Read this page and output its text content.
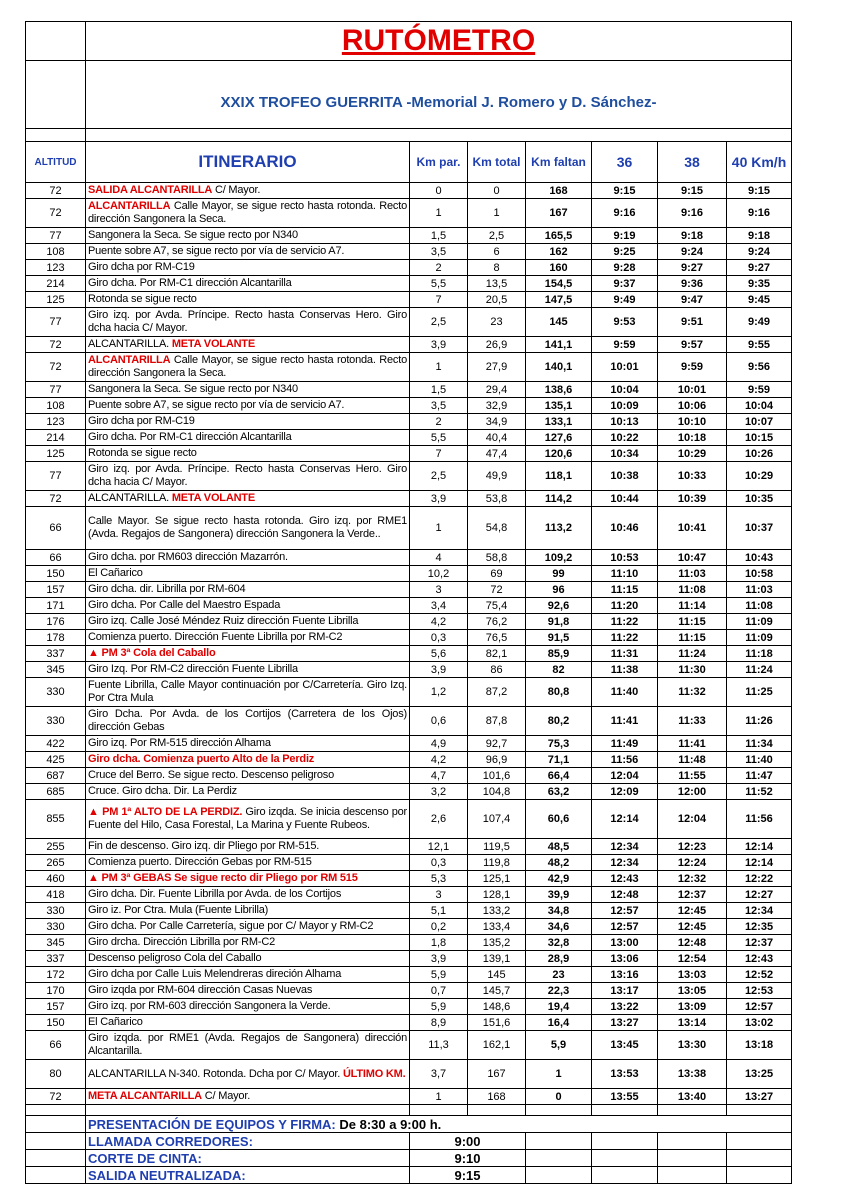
	RUTÓMETRO						
	XXIX TROFEO GUERRITA -Memorial J. Romero y D. Sánchez-						

ALTITUD	ITINERARIO	Km par.	Km total	Km faltan	36	38	40 Km/h
72	SALIDA ALCANTARILLA C/ Mayor.	0	0	168	9:15	9:15	9:15
72	ALCANTARILLA Calle Mayor, se sigue recto hasta rotonda. Recto dirección Sangonera la Seca.	1	1	167	9:16	9:16	9:16
77	Sangonera la Seca. Se sigue recto por N340	1,5	2,5	165,5	9:19	9:18	9:18
108	Puente sobre A7, se sigue recto por vía de servicio A7.	3,5	6	162	9:25	9:24	9:24
123	Giro dcha por RM-C19	2	8	160	9:28	9:27	9:27
214	Giro dcha. Por RM-C1 dirección Alcantarilla	5,5	13,5	154,5	9:37	9:36	9:35
125	Rotonda se sigue recto	7	20,5	147,5	9:49	9:47	9:45
77	Giro izq. por Avda. Príncipe. Recto hasta Conservas Hero. Giro dcha hacia C/ Mayor.	2,5	23	145	9:53	9:51	9:49
72	ALCANTARILLA. META VOLANTE	3,9	26,9	141,1	9:59	9:57	9:55
72	ALCANTARILLA Calle Mayor, se sigue recto hasta rotonda. Recto dirección Sangonera la Seca.	1	27,9	140,1	10:01	9:59	9:56
77	Sangonera la Seca. Se sigue recto por N340	1,5	29,4	138,6	10:04	10:01	9:59
108	Puente sobre A7, se sigue recto por vía de servicio A7.	3,5	32,9	135,1	10:09	10:06	10:04
123	Giro dcha por RM-C19	2	34,9	133,1	10:13	10:10	10:07
214	Giro dcha. Por RM-C1 dirección Alcantarilla	5,5	40,4	127,6	10:22	10:18	10:15
125	Rotonda se sigue recto	7	47,4	120,6	10:34	10:29	10:26
77	Giro izq. por Avda. Príncipe. Recto hasta Conservas Hero. Giro dcha hacia C/ Mayor.	2,5	49,9	118,1	10:38	10:33	10:29
72	ALCANTARILLA. META VOLANTE	3,9	53,8	114,2	10:44	10:39	10:35
66	Calle Mayor. Se sigue recto hasta rotonda. Giro izq. por RME1 (Avda. Regajos de Sangonera) dirección Sangonera la Verde..	1	54,8	113,2	10:46	10:41	10:37
66	Giro dcha. por RM603 dirección Mazarrón.	4	58,8	109,2	10:53	10:47	10:43
150	El Cañarico	10,2	69	99	11:10	11:03	10:58
157	Giro dcha. dir. Librilla por RM-604	3	72	96	11:15	11:08	11:03
171	Giro dcha. Por Calle del Maestro Espada	3,4	75,4	92,6	11:20	11:14	11:08
176	Giro izq. Calle José Méndez Ruiz dirección Fuente Librilla	4,2	76,2	91,8	11:22	11:15	11:09
178	Comienza puerto. Dirección Fuente Librilla por RM-C2	0,3	76,5	91,5	11:22	11:15	11:09
337	▲ PM 3ª Cola del Caballo	5,6	82,1	85,9	11:31	11:24	11:18
345	Giro Izq. Por RM-C2 dirección Fuente Librilla	3,9	86	82	11:38	11:30	11:24
330	Fuente Librilla, Calle Mayor continuación por C/Carretería. Giro Izq. Por Ctra Mula	1,2	87,2	80,8	11:40	11:32	11:25
330	Giro Dcha. Por Avda. de los Cortijos (Carretera de los Ojos) dirección Gebas	0,6	87,8	80,2	11:41	11:33	11:26
422	Giro izq. Por RM-515 dirección Alhama	4,9	92,7	75,3	11:49	11:41	11:34
425	Giro dcha. Comienza puerto Alto de la Perdiz	4,2	96,9	71,1	11:56	11:48	11:40
687	Cruce del Berro. Se sigue recto. Descenso peligroso	4,7	101,6	66,4	12:04	11:55	11:47
685	Cruce. Giro dcha. Dir. La Perdiz	3,2	104,8	63,2	12:09	12:00	11:52
855	▲ PM 1ª ALTO DE LA PERDIZ. Giro izqda. Se inicia descenso por Fuente del Hilo, Casa Forestal, La Marina y Fuente Rubeos.	2,6	107,4	60,6	12:14	12:04	11:56
255	Fin de descenso. Giro izq. dir Pliego por RM-515.	12,1	119,5	48,5	12:34	12:23	12:14
265	Comienza puerto. Dirección Gebas por RM-515	0,3	119,8	48,2	12:34	12:24	12:14
460	▲ PM 3ª GEBAS Se sigue recto dir Pliego por RM 515	5,3	125,1	42,9	12:43	12:32	12:22
418	Giro dcha. Dir. Fuente Librilla por Avda. de los Cortijos	3	128,1	39,9	12:48	12:37	12:27
330	Giro iz. Por Ctra. Mula (Fuente Librilla)	5,1	133,2	34,8	12:57	12:45	12:34
330	Giro dcha. Por Calle Carretería, sigue por C/ Mayor y RM-C2	0,2	133,4	34,6	12:57	12:45	12:35
345	Giro drcha. Dirección Librilla por RM-C2	1,8	135,2	32,8	13:00	12:48	12:37
337	Descenso peligroso Cola del Caballo	3,9	139,1	28,9	13:06	12:54	12:43
172	Giro dcha por Calle Luis Melendreras direción Alhama	5,9	145	23	13:16	13:03	12:52
170	Giro izqda por RM-604 dirección Casas Nuevas	0,7	145,7	22,3	13:17	13:05	12:53
157	Giro izq. por RM-603 dirección Sangonera la Verde.	5,9	148,6	19,4	13:22	13:09	12:57
150	El Cañarico	8,9	151,6	16,4	13:27	13:14	13:02
66	Giro izqda. por RME1 (Avda. Regajos de Sangonera) dirección Alcantarilla.	11,3	162,1	5,9	13:45	13:30	13:18
80	ALCANTARILLA N-340. Rotonda. Dcha por C/ Mayor. ÚLTIMO KM.	3,7	167	1	13:53	13:38	13:25
72	META ALCANTARILLA C/ Mayor.	1	168	0	13:55	13:40	13:27

	PRESENTACIÓN DE EQUIPOS Y FIRMA: De 8:30 a 9:00 h.						
	LLAMADA CORREDORES:	9:00					
	CORTE DE CINTA:	9:10					
	SALIDA NEUTRALIZADA:	9:15					
